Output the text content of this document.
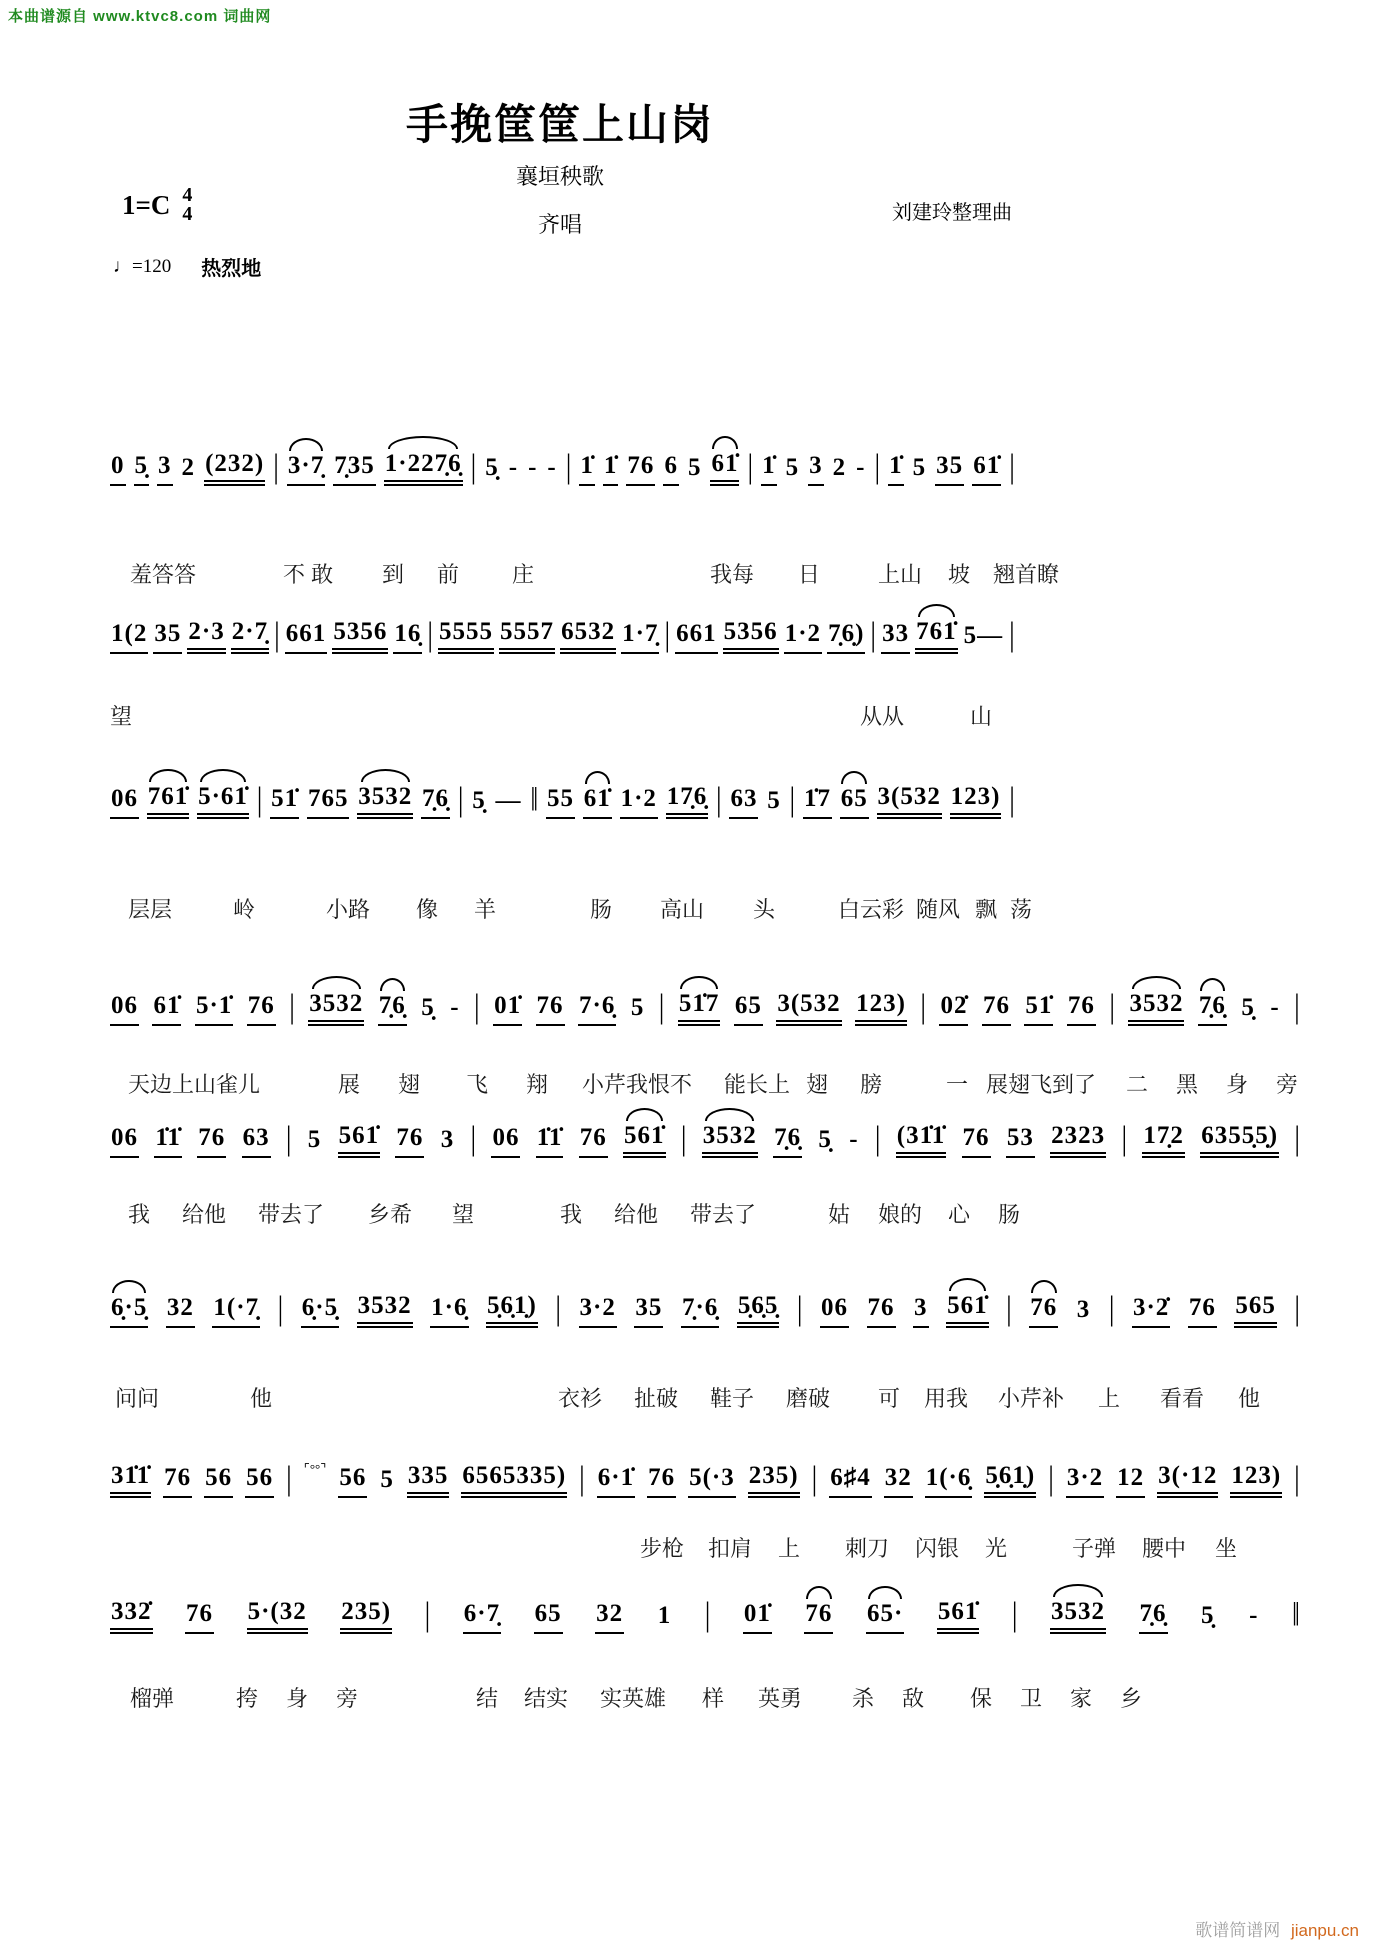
本曲谱源自 www.ktvc8.com 词曲网
手挽筐筐上山岗
襄垣秧歌
齐唱
1=C 4
4	刘建玲整理曲
♩=120 热烈地
0 5̣ 3 2 (232) | 3·7̣ 7̣35 1·227̣6̣ | 5̣ - - - | 1̇ 1̇ 76 6 5 61̇ | 1̇ 5 3 2 - | 1̇ 5 35 61̇ |
羞答答	不 敢 到 前 庄	我每 日	上山 坡 翘首瞭
1(2 35 2·3 2·7̣ | 661 5356 16̣ | 5555 5557 6532 1·7̣ | 661 5356 1·2 7̣6̣) | 33 761̇ 5— |
望	从从	山
06 761̇ 5·61̇ | 51̇ 765 3532 7̣6̣ | 5̣ — ‖ 55 61̇ 1·2 17̣6̣ | 63 5 | 1̇7 65 3(532 123) |
层层	岭	小路 像 羊	肠 高山 头	白云彩 随风 飘 荡
06 61̇ 5·1̇ 76 | 3532 7̣6̣ 5̣ - | 01̇ 76 7·6̣ 5 | 51̇7 65 3(532 123) | 02̇ 76 51̇ 76 | 3532 7̣6̣ 5̣ - |
天边上山雀儿	展 翅 飞 翔 小芹我恨不 能长上 翅 膀	一 展翅飞到了 二 黑 身 旁
06 1̇1̇ 76 63 | 5 561̇ 76 3 | 06 1̇1̇ 76 561̇ | 3532 7̣6̣ 5̣ - | (31̇1̇ 76 53 2323 | 17̣2 6355̣5̣) |
我 给他 带去了 乡希 望	我 给他 带去了	姑 娘的 心 肠
6̣·5̣ 32 1(·7̣ | 6̣·5̣ 3532 1·6̣ 5̣6̣1̣) | 3·2 35 7̣·6̣ 5̣6̣5̣ | 06 76 3 561̇ | 76 3 | 3·2̇ 76 565 |
问问	他	衣衫 扯破 鞋子 磨破 可 用我 小芹补 上 看看 他
31̇1̇ 76 56 56 | ⌜°°⌝ 56 5 335 6565335) | 6·1̇ 76 5(·3 235) | 6♯4 32 1(·6̣ 5̣6̣1̣) | 3·2 12 3(·12 123) |
步枪 扣肩 上 刺刀 闪银 光	子弹 腰中 坐
332̇ 76 5·(32 235) | 6·7̣ 65 32 1 | 01̇ 76 65· 561̇ | 3532 7̣6̣ 5̣ - ‖
榴弹	挎 身 旁	结 结实 实英雄 样 英勇 杀 敌 保 卫 家 乡
歌谱简谱网 jianpu.cn
